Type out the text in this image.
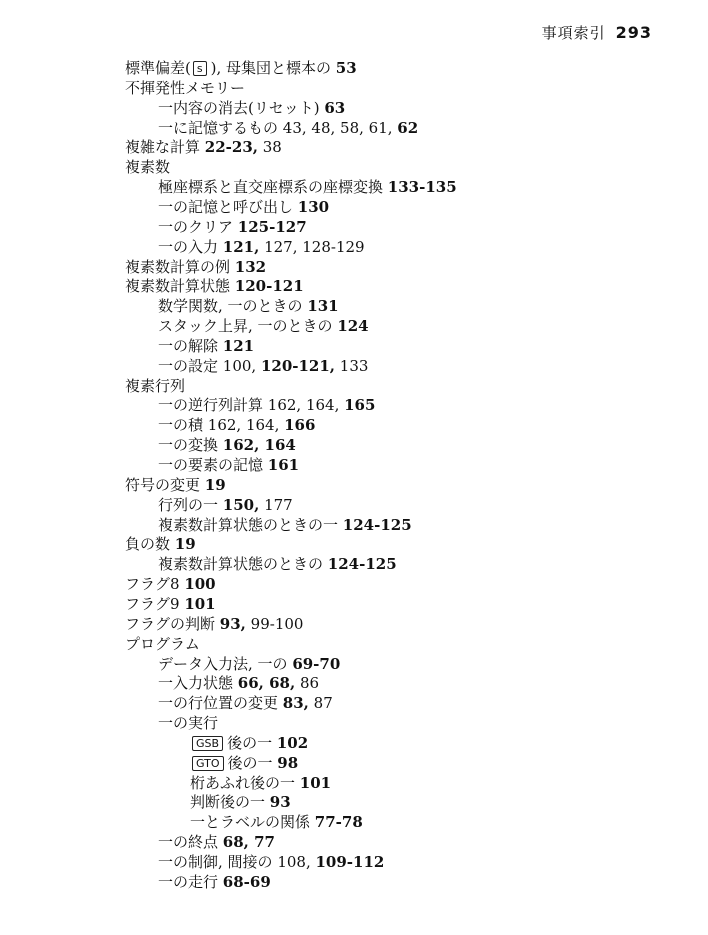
事項索引 293
標準偏差( s ), 母集団と標本の 53
不揮発性メモリー
一内容の消去(リセット) 63
一に記憶するもの 43, 48, 58, 61, 62
複雑な計算 22-23, 38
複素数
極座標系と直交座標系の座標変換 133-135
一の記憶と呼び出し 130
一のクリア 125-127
一の入力 121, 127, 128-129
複素数計算の例 132
複素数計算状態 120-121
数学関数, 一のときの 131
スタック上昇, 一のときの 124
一の解除 121
一の設定 100, 120-121, 133
複素行列
一の逆行列計算 162, 164, 165
一の積 162, 164, 166
一の変換 162, 164
一の要素の記憶 161
符号の変更 19
行列の一 150, 177
複素数計算状態のときの一 124-125
負の数 19
複素数計算状態のときの 124-125
フラグ8 100
フラグ9 101
フラグの判断 93, 99-100
プログラム
データ入力法, 一の 69-70
一入力状態 66, 68, 86
一の行位置の変更 83, 87
一の実行
GSB 後の一 102
GTO 後の一 98
桁あふれ後の一 101
判断後の一 93
一とラベルの関係 77-78
一の終点 68, 77
一の制御, 間接の 108, 109-112
一の走行 68-69
